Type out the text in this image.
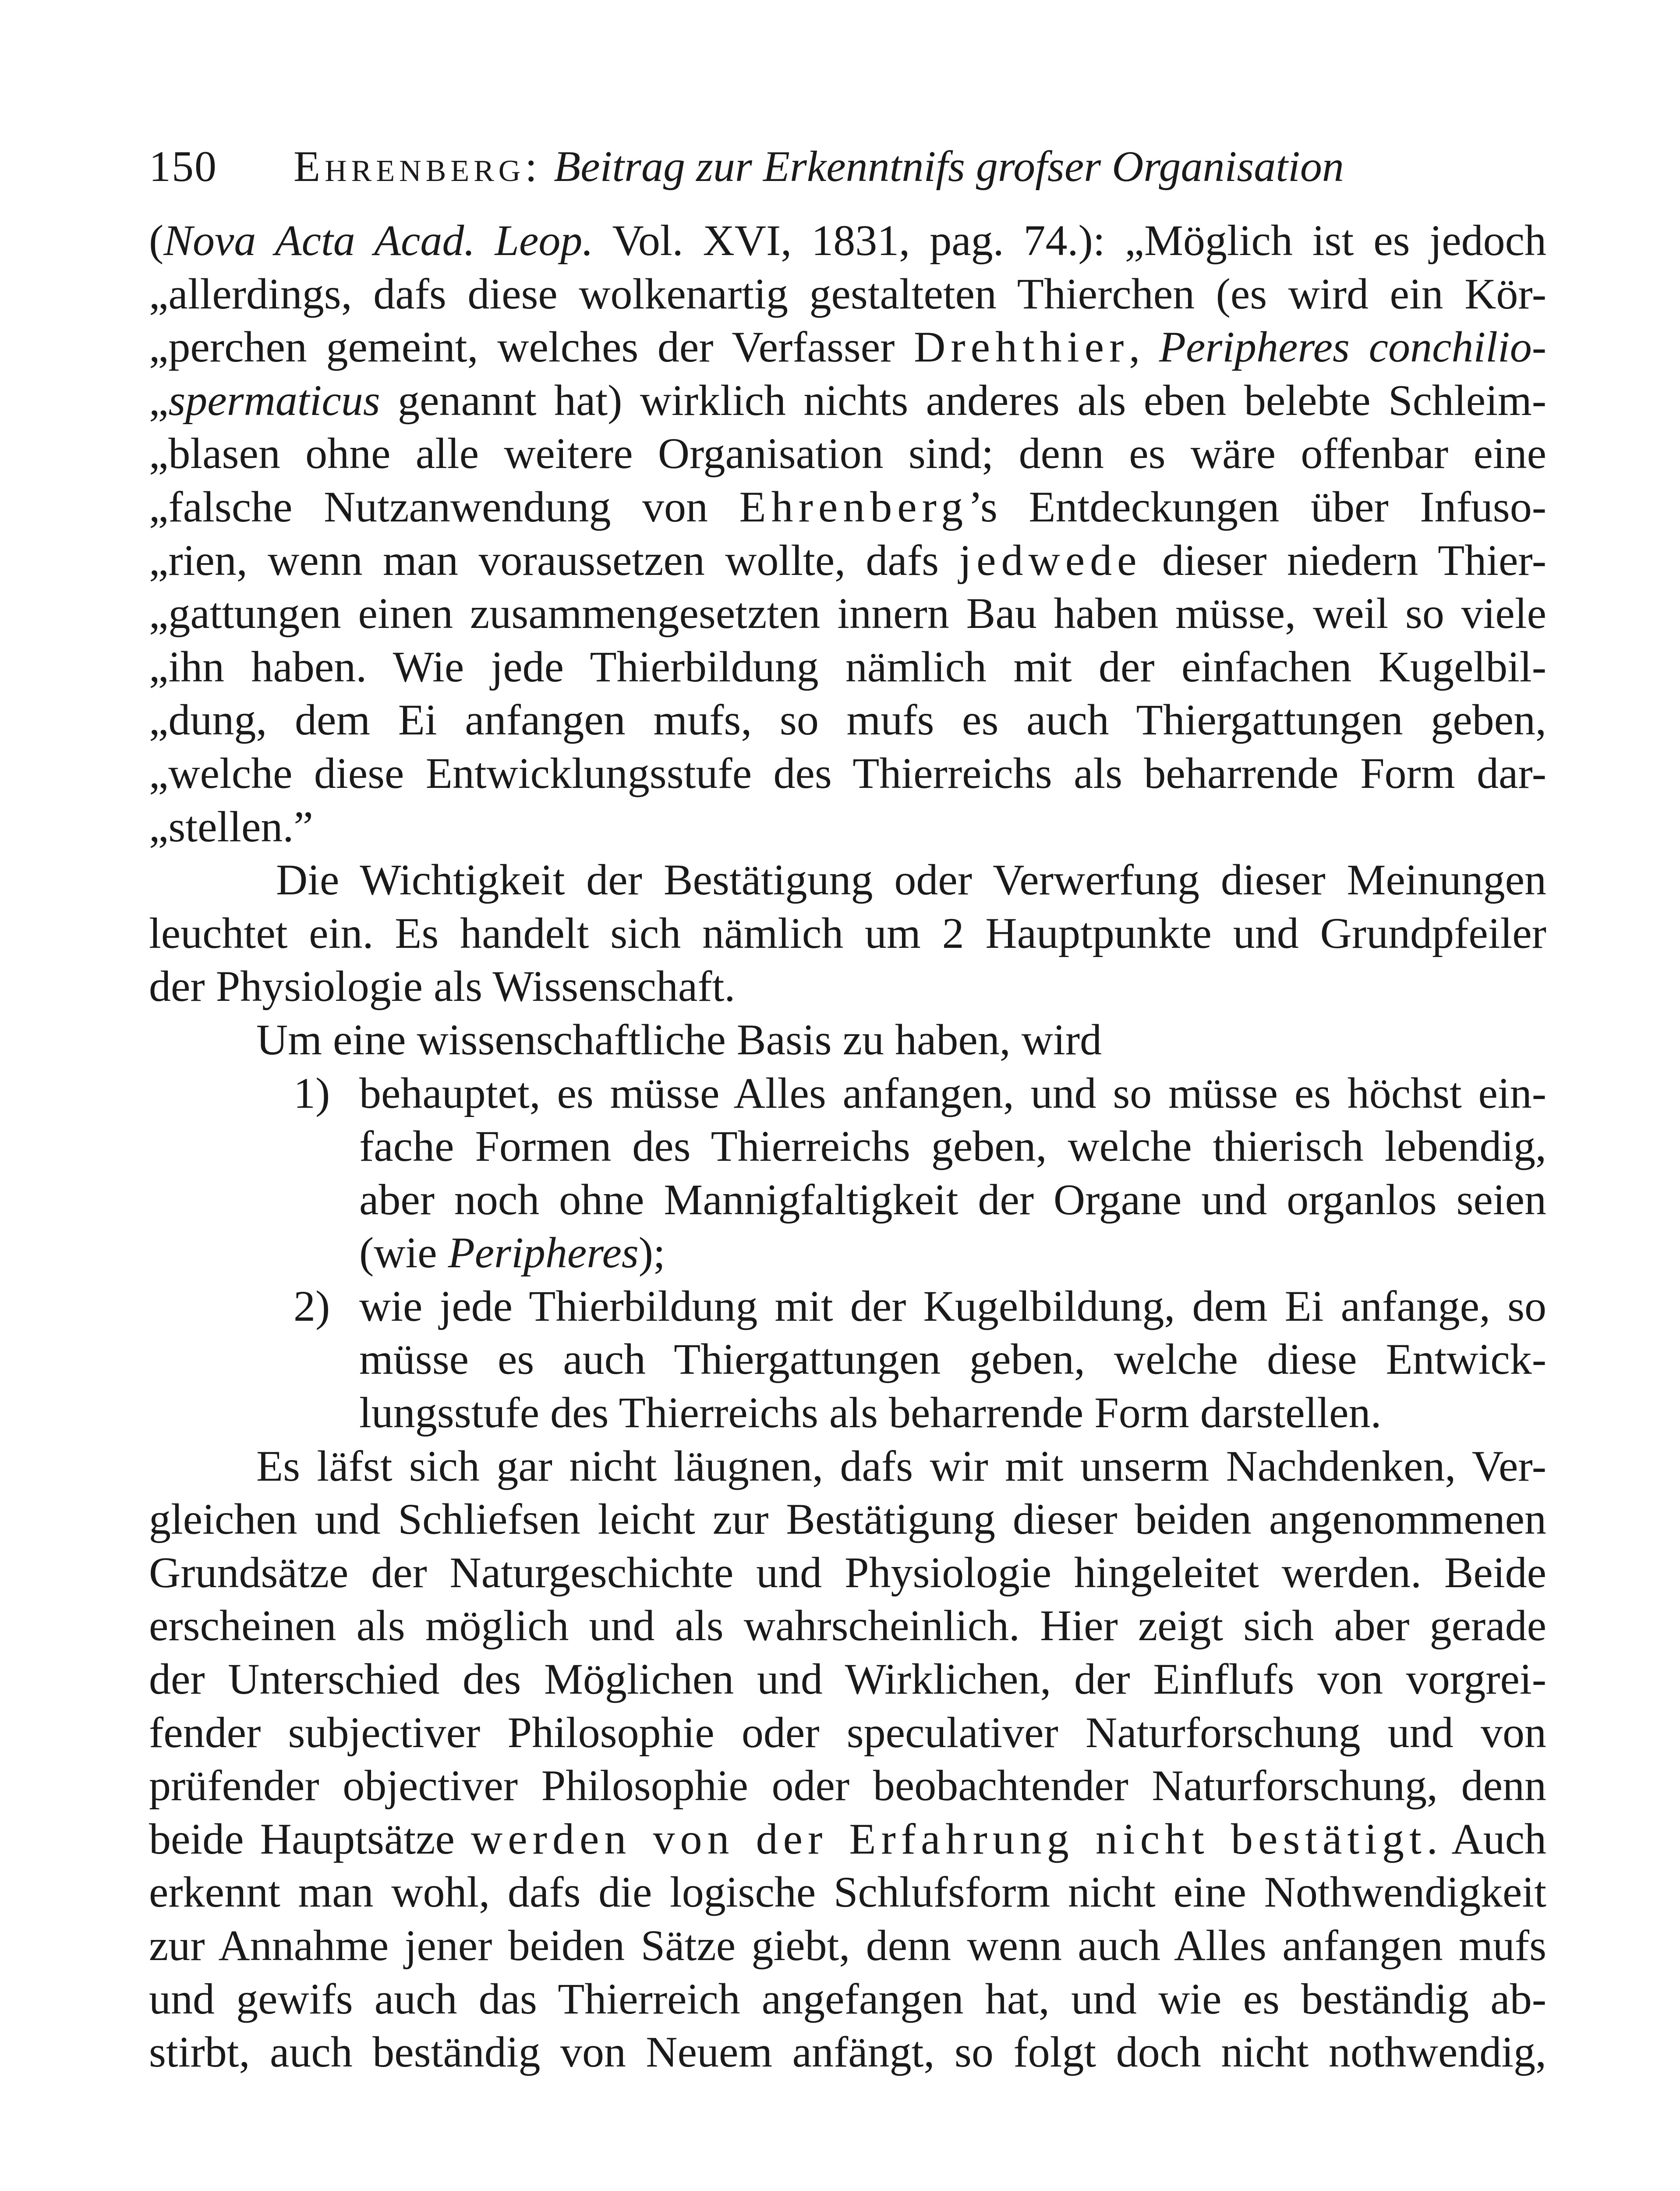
150	Ehrenberg: Beitrag zur Erkenntnifs grofser Organisation
(Nova Acta Acad. Leop. Vol. XVI, 1831, pag. 74.): „Möglich ist es jedoch
„allerdings, dafs diese wolkenartig gestalteten Thierchen (es wird ein Kör-
„perchen gemeint, welches der Verfasser Drehthier, Peripheres conchilio-
„spermaticus genannt hat) wirklich nichts anderes als eben belebte Schleim-
„blasen ohne alle weitere Organisation sind; denn es wäre offenbar eine
„falsche Nutzanwendung von Ehrenberg’s Entdeckungen über Infuso-
„rien, wenn man voraussetzen wollte, dafs jedwede dieser niedern Thier-
„gattungen einen zusammengesetzten innern Bau haben müsse, weil so viele
„ihn haben. Wie jede Thierbildung nämlich mit der einfachen Kugelbil-
„dung, dem Ei anfangen mufs, so mufs es auch Thiergattungen geben,
„welche diese Entwicklungsstufe des Thierreichs als beharrende Form dar-
„stellen.”
Die Wichtigkeit der Bestätigung oder Verwerfung dieser Meinungen
leuchtet ein. Es handelt sich nämlich um 2 Hauptpunkte und Grundpfeiler
der Physiologie als Wissenschaft.
Um eine wissenschaftliche Basis zu haben, wird
1) behauptet, es müsse Alles anfangen, und so müsse es höchst ein-
fache Formen des Thierreichs geben, welche thierisch lebendig,
aber noch ohne Mannigfaltigkeit der Organe und organlos seien
(wie Peripheres);
2) wie jede Thierbildung mit der Kugelbildung, dem Ei anfange, so
müsse es auch Thiergattungen geben, welche diese Entwick-
lungsstufe des Thierreichs als beharrende Form darstellen.
Es läfst sich gar nicht läugnen, dafs wir mit unserm Nachdenken, Ver-
gleichen und Schliefsen leicht zur Bestätigung dieser beiden angenommenen
Grundsätze der Naturgeschichte und Physiologie hingeleitet werden. Beide
erscheinen als möglich und als wahrscheinlich. Hier zeigt sich aber gerade
der Unterschied des Möglichen und Wirklichen, der Einflufs von vorgrei-
fender subjectiver Philosophie oder speculativer Naturforschung und von
prüfender objectiver Philosophie oder beobachtender Naturforschung, denn
beide Hauptsätze werden von der Erfahrung nicht bestätigt. Auch
erkennt man wohl, dafs die logische Schlufsform nicht eine Nothwendigkeit
zur Annahme jener beiden Sätze giebt, denn wenn auch Alles anfangen mufs
und gewifs auch das Thierreich angefangen hat, und wie es beständig ab-
stirbt, auch beständig von Neuem anfängt, so folgt doch nicht nothwendig,
